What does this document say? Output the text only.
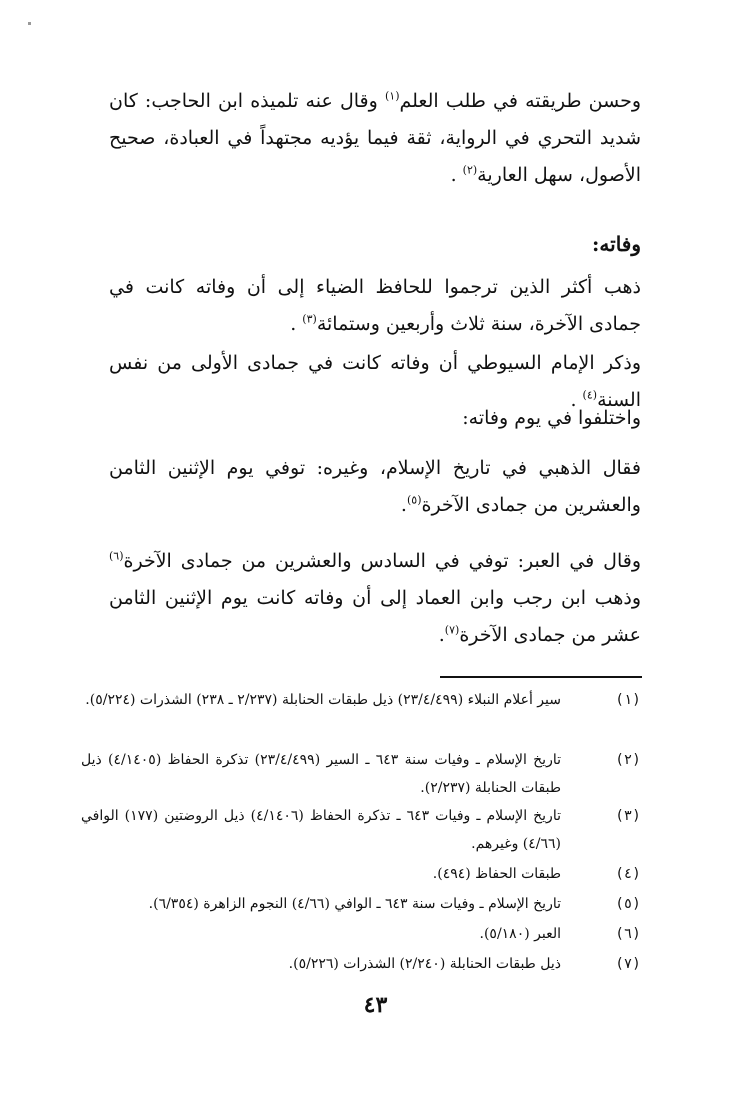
وحسن طريقته في طلب العلم$^{(١)}$ وقال عنه تلميذه ابن الحاجب: كان شديد التحري في الرواية، ثقة فيما يؤديه مجتهداً في العبادة، صحيح الأصول، سهل العارية$^{(٢)}$ .
وفاته:
ذهب أكثر الذين ترجموا للحافظ الضياء إلى أن وفاته كانت في جمادى الآخرة، سنة ثلاث وأربعين وستمائة$^{(٣)}$ .
وذكر الإمام السيوطي أن وفاته كانت في جمادى الأولى من نفس السنة$^{(٤)}$ .
واختلفوا في يوم وفاته:
فقال الذهبي في تاريخ الإسلام، وغيره: توفي يوم الإثنين الثامن والعشرين من جمادى الآخرة$^{(٥)}$.
وقال في العبر: توفي في السادس والعشرين من جمادى الآخرة$^{(٦)}$ وذهب ابن رجب وابن العماد إلى أن وفاته كانت يوم الإثنين الثامن عشر من جمادى الآخرة$^{(٧)}$.
(١)
سير أعلام النبلاء (٢٣/٤/٤٩٩) ذيل طبقات الحنابلة (٢/٢٣٧ ـ ٢٣٨) الشذرات (٥/٢٢٤).
(٢)
تاريخ الإسلام ـ وفيات سنة ٦٤٣ ـ السير (٢٣/٤/٤٩٩) تذكرة الحفاظ (٤/١٤٠٥) ذيل طبقات الحنابلة (٢/٢٣٧).
(٣)
تاريخ الإسلام ـ وفيات ٦٤٣ ـ تذكرة الحفاظ (٤/١٤٠٦) ذيل الروضتين (١٧٧) الوافي (٤/٦٦) وغيرهم.
(٤)
طبقات الحفاظ (٤٩٤).
(٥)
تاريخ الإسلام ـ وفيات سنة ٦٤٣ ـ الوافي (٤/٦٦) النجوم الزاهرة (٦/٣٥٤).
(٦)
العبر (٥/١٨٠).
(٧)
ذيل طبقات الحنابلة (٢/٢٤٠) الشذرات (٥/٢٢٦).
٤٣
